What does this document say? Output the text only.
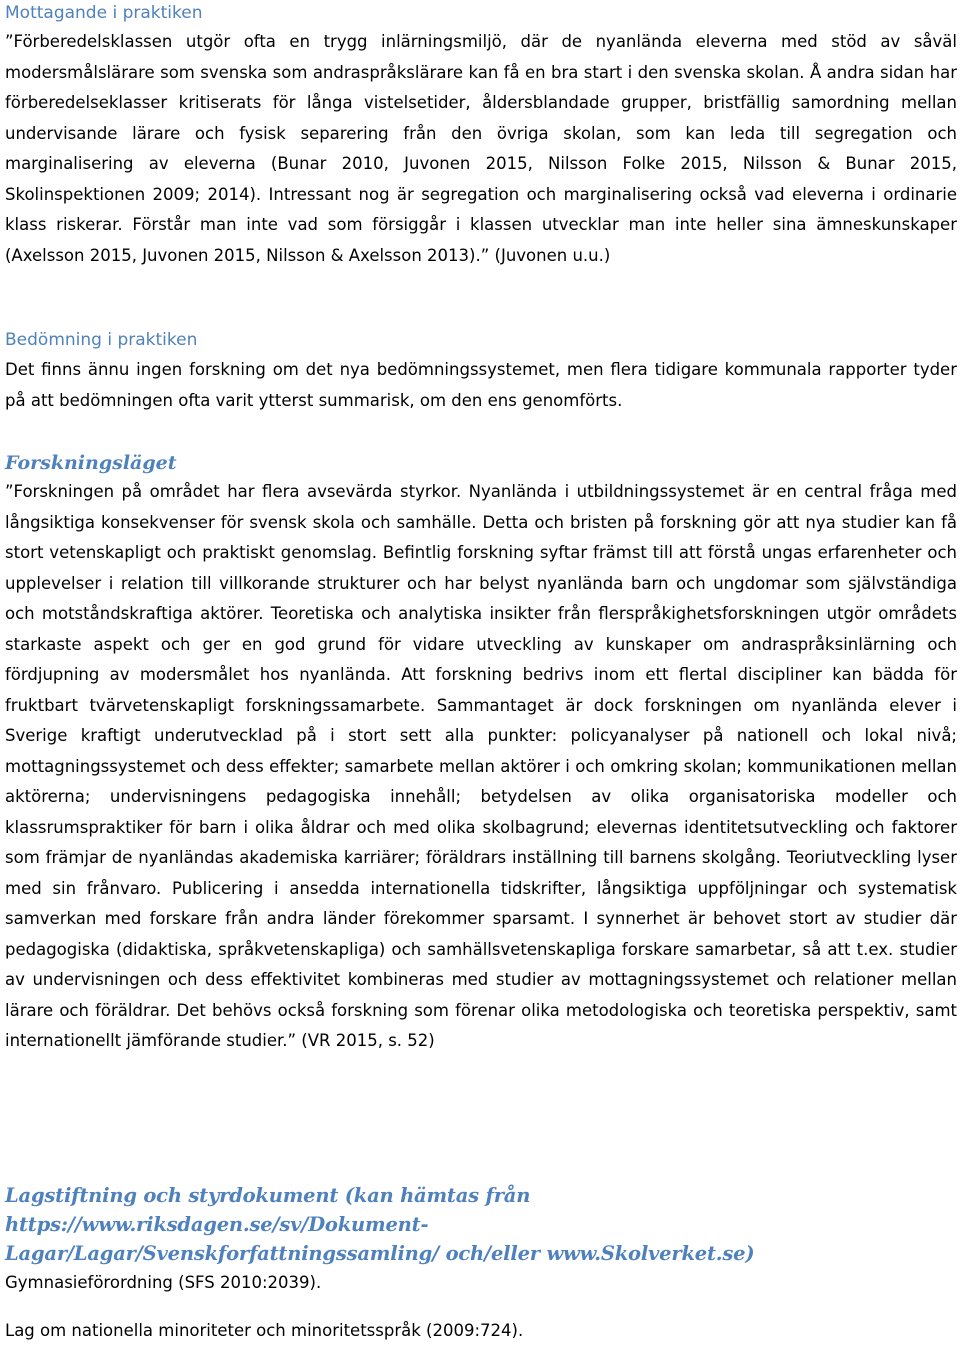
Mottagande i praktiken

”Förberedelsklassen utgör ofta en trygg inlärningsmiljö, där de nyanlända eleverna med stöd av såväl modersmålslärare som svenska som andraspråkslärare kan få en bra start i den svenska skolan. Å andra sidan har förberedelseklasser kritiserats för långa vistelsetider, åldersblandade grupper, bristfällig samordning mellan undervisande lärare och fysisk separering från den övriga skolan, som kan leda till segregation och marginalisering av eleverna (Bunar 2010, Juvonen 2015, Nilsson Folke 2015, Nilsson & Bunar 2015, Skolinspektionen 2009; 2014). Intressant nog är segregation och marginalisering också vad eleverna i ordinarie klass riskerar. Förstår man inte vad som försiggår i klassen utvecklar man inte heller sina ämneskunskaper (Axelsson 2015, Juvonen 2015, Nilsson & Axelsson 2013).” (Juvonen u.u.)

Bedömning i praktiken

Det finns ännu ingen forskning om det nya bedömningssystemet, men flera tidigare kommunala rapporter tyder på att bedömningen ofta varit ytterst summarisk, om den ens genomförts.

Forskningsläget

”Forskningen på området har flera avsevärda styrkor. Nyanlända i utbildningssystemet är en central fråga med långsiktiga konsekvenser för svensk skola och samhälle. Detta och bristen på forskning gör att nya studier kan få stort vetenskapligt och praktiskt genomslag. Befintlig forskning syftar främst till att förstå ungas erfarenheter och upplevelser i relation till villkorande strukturer och har belyst nyanlända barn och ungdomar som självständiga och motståndskraftiga aktörer. Teoretiska och analytiska insikter från flerspråkighetsforskningen utgör områdets starkaste aspekt och ger en god grund för vidare utveckling av kunskaper om andraspråksinlärning och fördjupning av modersmålet hos nyanlända. Att forskning bedrivs inom ett flertal discipliner kan bädda för fruktbart tvärvetenskapligt forskningssamarbete. Sammantaget är dock forskningen om nyanlända elever i Sverige kraftigt underutvecklad på i stort sett alla punkter: policyanalyser på nationell och lokal nivå; mottagningssystemet och dess effekter; samarbete mellan aktörer i och omkring skolan; kommunikationen mellan aktörerna; undervisningens pedagogiska innehåll; betydelsen av olika organisatoriska modeller och klassrumspraktiker för barn i olika åldrar och med olika skolbagrund; elevernas identitetsutveckling och faktorer som främjar de nyanländas akademiska karriärer; föräldrars inställning till barnens skolgång. Teoriutveckling lyser med sin frånvaro. Publicering i ansedda internationella tidskrifter, långsiktiga uppföljningar och systematisk samverkan med forskare från andra länder förekommer sparsamt. I synnerhet är behovet stort av studier där pedagogiska (didaktiska, språkvetenskapliga) och samhällsvetenskapliga forskare samarbetar, så att t.ex. studier av undervisningen och dess effektivitet kombineras med studier av mottagningssystemet och relationer mellan lärare och föräldrar. Det behövs också forskning som förenar olika metodologiska och teoretiska perspektiv, samt internationellt jämförande studier.” (VR 2015, s. 52)

Lagstiftning och styrdokument (kan hämtas från https://www.riksdagen.se/sv/Dokument-
Lagar/Lagar/Svenskforfattningssamling/ och/eller www.Skolverket.se)

Gymnasieförordning (SFS 2010:2039).

Lag om nationella minoriteter och minoritetsspråk (2009:724).
